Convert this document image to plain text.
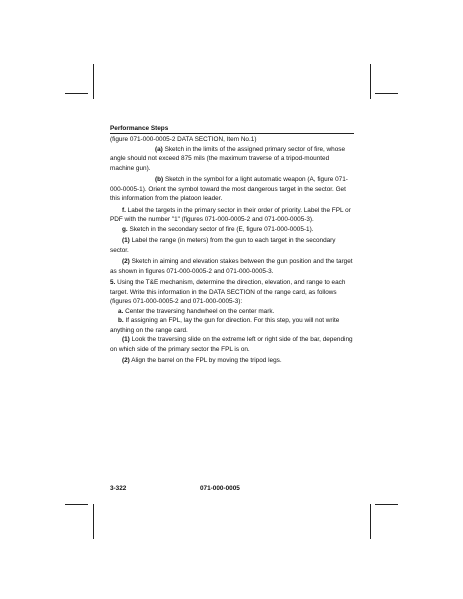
Performance Steps

(figure 071-000-0005-2 DATA SECTION, Item No.1)

(a) Sketch in the limits of the assigned primary sector of fire, whose angle should not exceed 875 mils (the maximum traverse of a tripod-mounted machine gun).

(b) Sketch in the symbol for a light automatic weapon (A, figure 071-000-0005-1). Orient the symbol toward the most dangerous target in the sector. Get this information from the platoon leader.

f. Label the targets in the primary sector in their order of priority. Label the FPL or PDF with the number "1" (figures 071-000-0005-2 and 071-000-0005-3).

g. Sketch in the secondary sector of fire (E, figure 071-000-0005-1).

(1) Label the range (in meters) from the gun to each target in the secondary sector.

(2) Sketch in aiming and elevation stakes between the gun position and the target as shown in figures 071-000-0005-2 and 071-000-0005-3.

5. Using the T&E mechanism, determine the direction, elevation, and range to each target. Write this information in the DATA SECTION of the range card, as follows (figures 071-000-0005-2 and 071-000-0005-3):

a. Center the traversing handwheel on the center mark.

b. If assigning an FPL, lay the gun for direction. For this step, you will not write anything on the range card.

(1) Look the traversing slide on the extreme left or right side of the bar, depending on which side of the primary sector the FPL is on.

(2) Align the barrel on the FPL by moving the tripod legs.

3-322	071-000-0005
